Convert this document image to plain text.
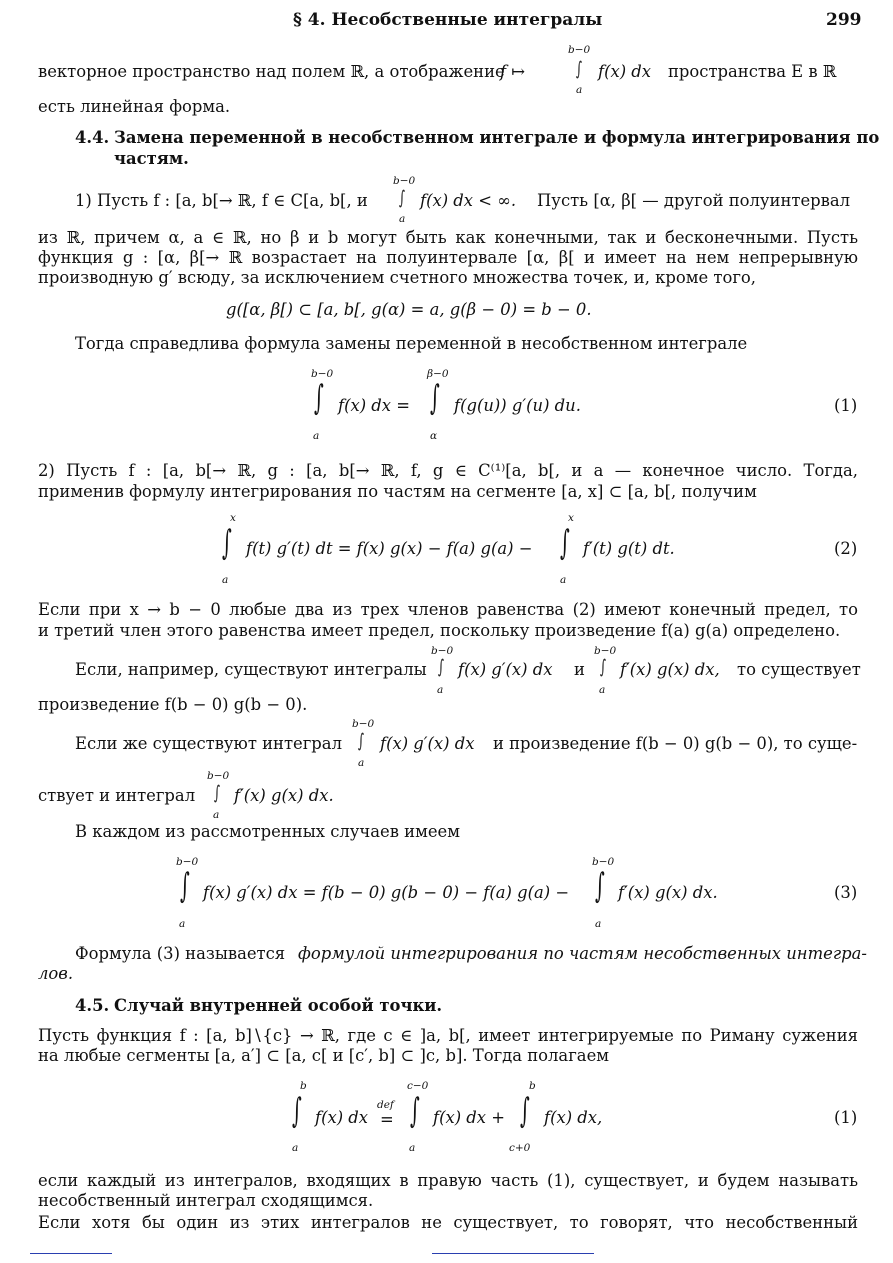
§ 4. Несобственные интегралы	299
векторное пространство над полем ℝ, а отображение
f ↦
b−0
∫
a
f(x) dx пространства E в ℝ
есть линейная форма.
4.4. Замена переменной в несобственном интеграле и формула интегрирования по
частям.
b−0
1) Пусть f : [a, b[→ ℝ, f ∈ C[a, b[, и ∫
a
f(x) dx < ∞. Пусть [α, β[ — другой полуинтервал
из ℝ, причем α, a ∈ ℝ, но β и b могут быть как конечными, так и бесконечными. Пусть
функция g : [α, β[→ ℝ возрастает на полуинтервале [α, β[ и имеет на нем непрерывную
производную g′ всюду, за исключением счетного множества точек, и, кроме того,
g([α, β[) ⊂ [a, b[, g(α) = a, g(β − 0) = b − 0.
Тогда справедлива формула замены переменной в несобственном интеграле
b−0
∫
a
f(x) dx =
β−0
∫
α
f(g(u)) g′(u) du.	(1)
2) Пусть f : [a, b[→ ℝ, g : [a, b[→ ℝ, f, g ∈ C⁽¹⁾[a, b[, и a — конечное число. Тогда,
применив формулу интегрирования по частям на сегменте [a, x] ⊂ [a, b[, получим
x
∫
a
f(t) g′(t) dt = f(x) g(x) − f(a) g(a) −
x
∫
a
f′(t) g(t) dt.	(2)
Если при x → b − 0 любые два из трех членов равенства (2) имеют конечный предел, то
и третий член этого равенства имеет предел, поскольку произведение f(a) g(a) определено.
b−0	b−0
Если, например, существуют интегралы ∫
a
f(x) g′(x) dx и ∫
a
f′(x) g(x) dx, то существует
произведение f(b − 0) g(b − 0).
b−0
Если же существуют интеграл ∫
a
f(x) g′(x) dx и произведение f(b − 0) g(b − 0), то суще-
b−0
ствует и интеграл ∫
a
f′(x) g(x) dx.
В каждом из рассмотренных случаев имеем
b−0
∫
a
f(x) g′(x) dx = f(b − 0) g(b − 0) − f(a) g(a) −
b−0
∫
a
f′(x) g(x) dx.	(3)
Формула (3) называется формулой интегрирования по частям несобственных интегра-
лов.
4.5. Случай внутренней особой точки.
Пусть функция f : [a, b]∖{c} → ℝ, где c ∈ ]a, b[, имеет интегрируемые по Риману сужения
на любые сегменты [a, a′] ⊂ [a, c[ и [c′, b] ⊂ ]c, b]. Тогда полагаем
b
∫
a
f(x) dx
def
=
c−0
∫
a
f(x) dx +
b
∫
c+0
f(x) dx,	(1)
если каждый из интегралов, входящих в правую часть (1), существует, и будем называть
несобственный интеграл сходящимся.
Если хотя бы один из этих интегралов не существует, то говорят, что несобственный
